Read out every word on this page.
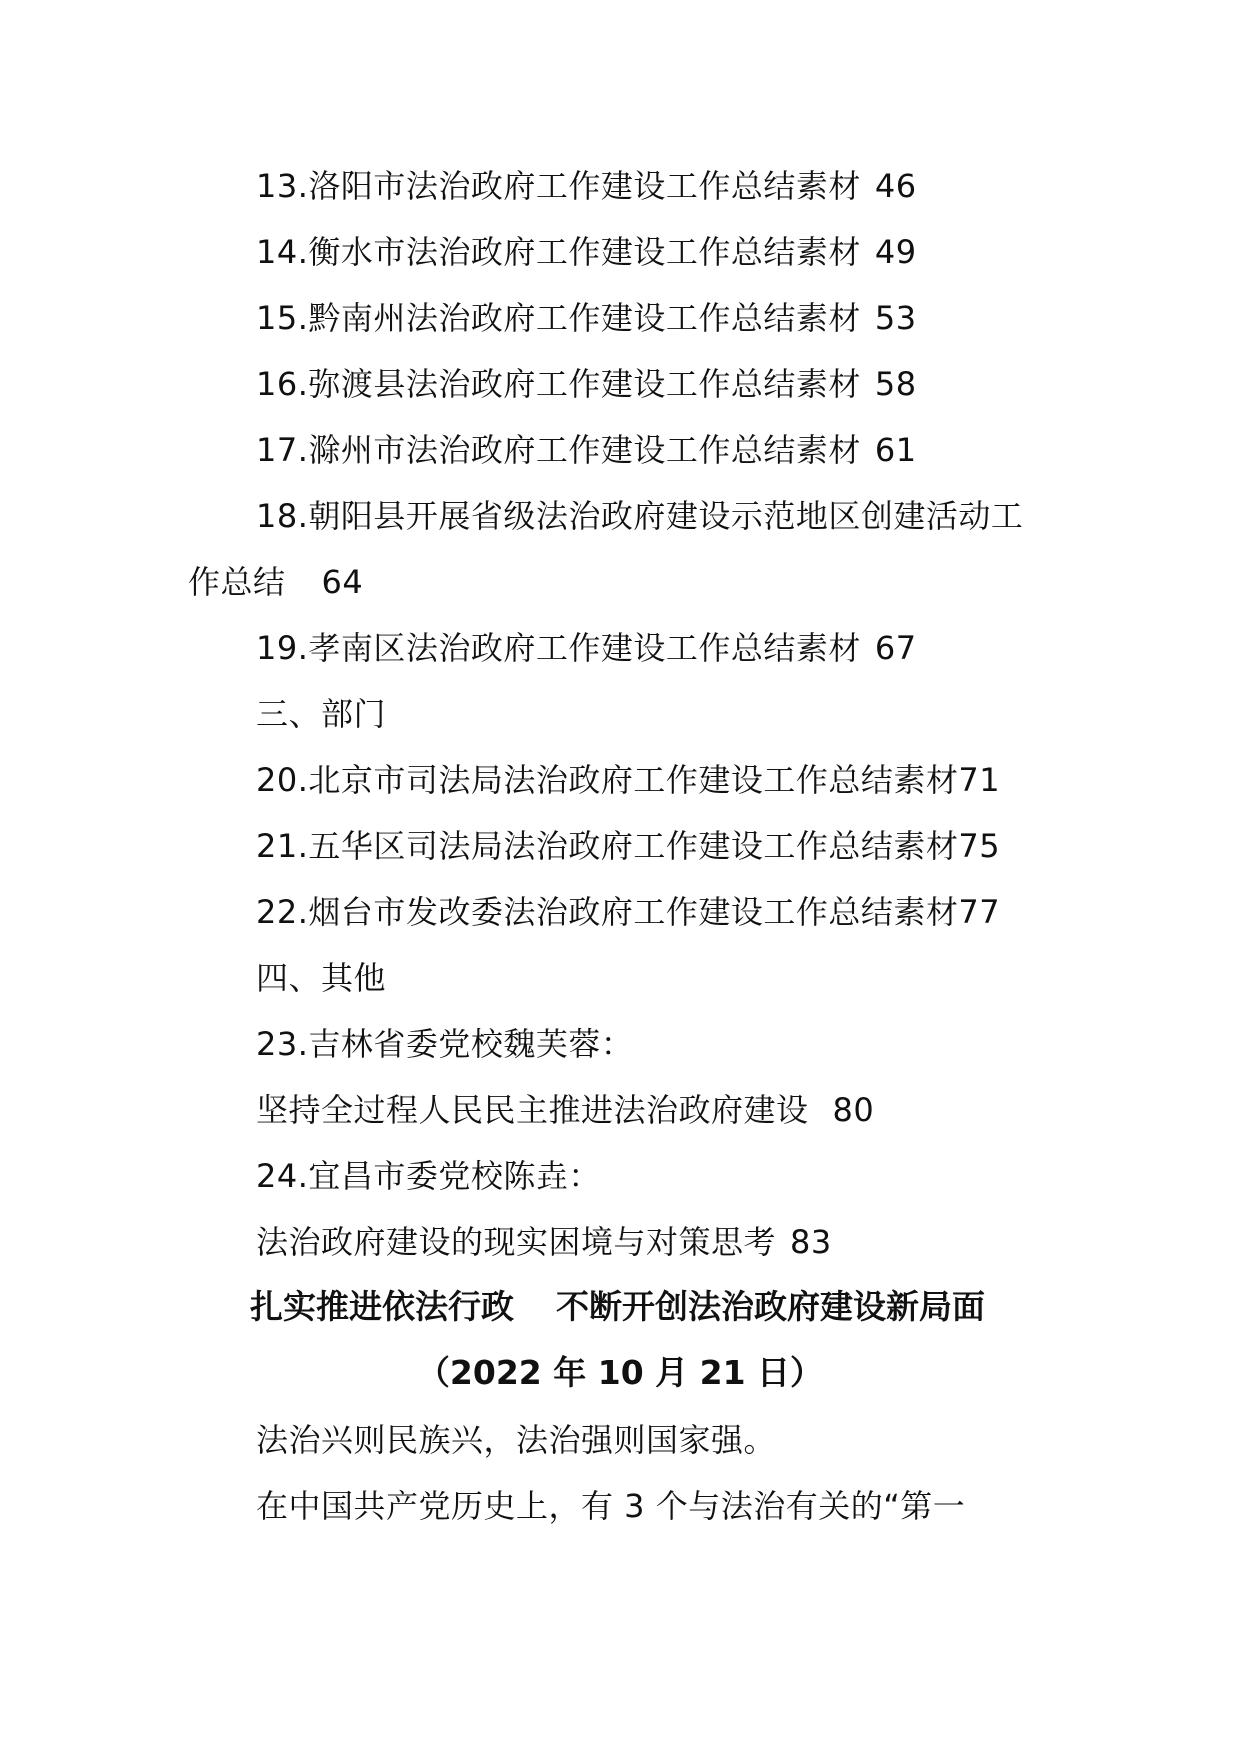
13.洛阳市法治政府工作建设工作总结素材 46
14.衡水市法治政府工作建设工作总结素材 49
15.黔南州法治政府工作建设工作总结素材 53
16.弥渡县法治政府工作建设工作总结素材 58
17.滁州市法治政府工作建设工作总结素材 61
18.朝阳县开展省级法治政府建设示范地区创建活动工
作总结 64
19.孝南区法治政府工作建设工作总结素材 67
三、部门
20.北京市司法局法治政府工作建设工作总结素材71
21.五华区司法局法治政府工作建设工作总结素材75
22.烟台市发改委法治政府工作建设工作总结素材77
四、其他
23.吉林省委党校魏芙蓉：
坚持全过程人民民主推进法治政府建设 80
24.宜昌市委党校陈垚：
法治政府建设的现实困境与对策思考 83
扎实推进依法行政 不断开创法治政府建设新局面
（2022 年 10 月 21 日）
法治兴则民族兴，法治强则国家强。
在中国共产党历史上，有 3 个与法治有关的“第一
